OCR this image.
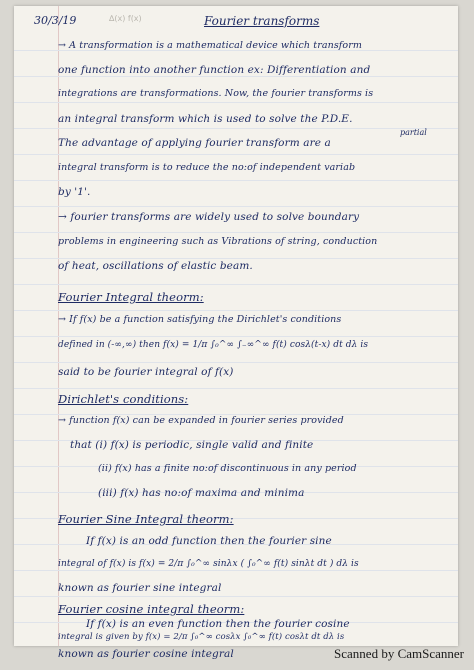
30/3/19	∆(x) f(x)	Fourier transforms
→ A transformation is a mathematical device which transform
one function into another function ex: Differentiation and
integrations are transformations. Now, the fourier transforms is
an integral transform which is used to solve the P.D.E.
The advantage of applying fourier transform are a
partial
integral transform is to reduce the no:of independent variab
by '1'.
→ fourier transforms are widely used to solve boundary
problems in engineering such as Vibrations of string, conduction
of heat, oscillations of elastic beam.
Fourier Integral theorm:
→ If f(x) be a function satisfying the Dirichlet's conditions
defined in (-∞,∞) then f(x) = 1/π ∫₀^∞ ∫₋∞^∞ f(t) cosλ(t-x) dt dλ is
said to be fourier integral of f(x)
Dirichlet's conditions:
→ function f(x) can be expanded in fourier series provided
that (i) f(x) is periodic, single valid and finite
(ii) f(x) has a finite no:of discontinuous in any period
(iii) f(x) has no:of maxima and minima
Fourier Sine Integral theorm:
If f(x) is an odd function then the fourier sine
integral of f(x) is f(x) = 2/π ∫₀^∞ sinλx ( ∫₀^∞ f(t) sinλt dt ) dλ is
known as fourier sine integral
Fourier cosine integral theorm:
If f(x) is an even function then the fourier cosine
integral is given by f(x) = 2/π ∫₀^∞ cosλx ∫₀^∞ f(t) cosλt dt dλ is
known as fourier cosine integral	Scanned by CamScanner
